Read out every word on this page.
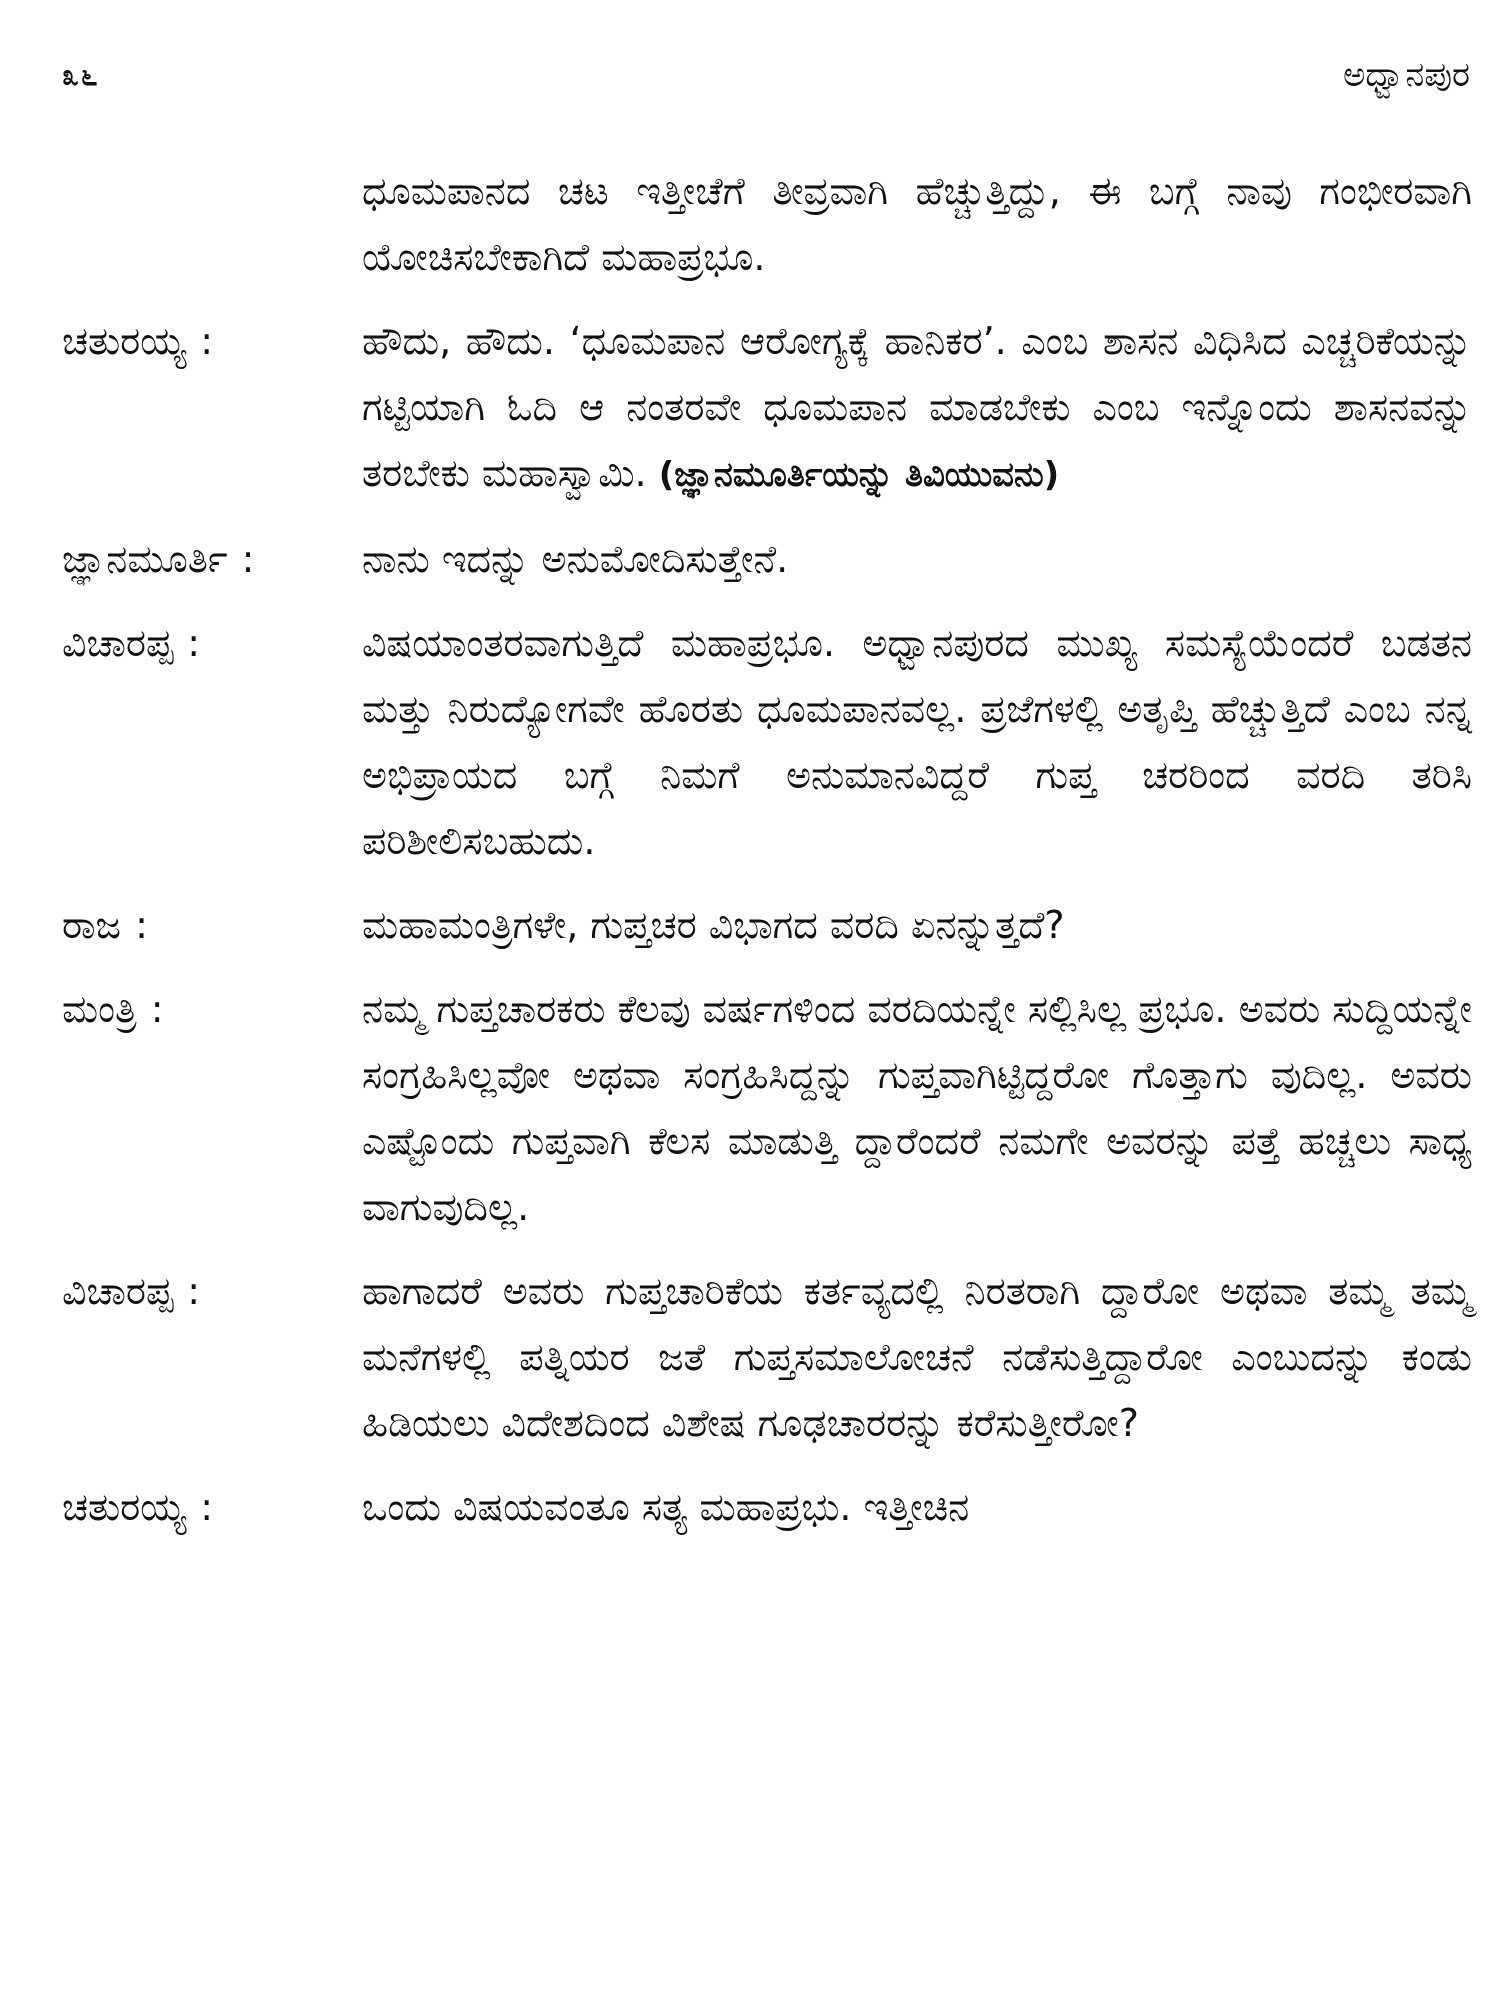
೩೬	ಅಧ್ವಾನಪುರ
ಧೂಮಪಾನದ ಚಟ ಇತ್ತೀಚೆಗೆ ತೀವ್ರವಾಗಿ ಹೆಚ್ಚುತ್ತಿದ್ದು, ಈ ಬಗ್ಗೆ ನಾವು ಗಂಭೀರವಾಗಿ ಯೋಚಿಸಬೇಕಾಗಿದೆ ಮಹಾಪ್ರಭೂ.
ಚತುರಯ್ಯ :	ಹೌದು, ಹೌದು. ‘ಧೂಮಪಾನ ಆರೋಗ್ಯಕ್ಕೆ ಹಾನಿಕರ’. ಎಂಬ ಶಾಸನ ವಿಧಿಸಿದ ಎಚ್ಚರಿಕೆಯನ್ನು ಗಟ್ಟಿಯಾಗಿ ಓದಿ ಆ ನಂತರವೇ ಧೂಮಪಾನ ಮಾಡಬೇಕು ಎಂಬ ಇನ್ನೊಂದು ಶಾಸನವನ್ನು ತರಬೇಕು ಮಹಾಸ್ವಾಮಿ. (ಜ್ಞಾನಮೂರ್ತಿಯನ್ನು ತಿವಿಯುವನು)
ಜ್ಞಾನಮೂರ್ತಿ :	ನಾನು ಇದನ್ನು ಅನುಮೋದಿಸುತ್ತೇನೆ.
ವಿಚಾರಪ್ಪ :	ವಿಷಯಾಂತರವಾಗುತ್ತಿದೆ ಮಹಾಪ್ರಭೂ. ಅಧ್ವಾನಪುರದ ಮುಖ್ಯ ಸಮಸ್ಯೆಯೆಂದರೆ ಬಡತನ ಮತ್ತು ನಿರುದ್ಯೋಗವೇ ಹೊರತು ಧೂಮಪಾನವಲ್ಲ. ಪ್ರಜೆಗಳಲ್ಲಿ ಅತೃಪ್ತಿ ಹೆಚ್ಚುತ್ತಿದೆ ಎಂಬ ನನ್ನ ಅಭಿಪ್ರಾಯದ ಬಗ್ಗೆ ನಿಮಗೆ ಅನುಮಾನವಿದ್ದರೆ ಗುಪ್ತ ಚರರಿಂದ ವರದಿ ತರಿಸಿ ಪರಿಶೀಲಿಸಬಹುದು.
ರಾಜ :	ಮಹಾಮಂತ್ರಿಗಳೇ, ಗುಪ್ತಚರ ವಿಭಾಗದ ವರದಿ ಏನನ್ನುತ್ತದೆ?
ಮಂತ್ರಿ :	ನಮ್ಮ ಗುಪ್ತಚಾರಕರು ಕೆಲವು ವರ್ಷಗಳಿಂದ ವರದಿಯನ್ನೇ ಸಲ್ಲಿಸಿಲ್ಲ ಪ್ರಭೂ. ಅವರು ಸುದ್ದಿಯನ್ನೇ ಸಂಗ್ರಹಿಸಿಲ್ಲವೋ ಅಥವಾ ಸಂಗ್ರಹಿಸಿದ್ದನ್ನು ಗುಪ್ತವಾಗಿಟ್ಟಿದ್ದರೋ ಗೊತ್ತಾಗು ವುದಿಲ್ಲ. ಅವರು ಎಷ್ಟೊಂದು ಗುಪ್ತವಾಗಿ ಕೆಲಸ ಮಾಡುತ್ತಿ ದ್ದಾರೆಂದರೆ ನಮಗೇ ಅವರನ್ನು ಪತ್ತೆ ಹಚ್ಚಲು ಸಾಧ್ಯ ವಾಗುವುದಿಲ್ಲ.
ವಿಚಾರಪ್ಪ :	ಹಾಗಾದರೆ ಅವರು ಗುಪ್ತಚಾರಿಕೆಯ ಕರ್ತವ್ಯದಲ್ಲಿ ನಿರತರಾಗಿ ದ್ದಾರೋ ಅಥವಾ ತಮ್ಮ ತಮ್ಮ ಮನೆಗಳಲ್ಲಿ ಪತ್ನಿಯರ ಜತೆ ಗುಪ್ತಸಮಾಲೋಚನೆ ನಡೆಸುತ್ತಿದ್ದಾರೋ ಎಂಬುದನ್ನು ಕಂಡು ಹಿಡಿಯಲು ವಿದೇಶದಿಂದ ವಿಶೇಷ ಗೂಢಚಾರರನ್ನು ಕರೆಸುತ್ತೀರೋ?
ಚತುರಯ್ಯ :	ಒಂದು ವಿಷಯವಂತೂ ಸತ್ಯ ಮಹಾಪ್ರಭು. ಇತ್ತೀಚಿನ
